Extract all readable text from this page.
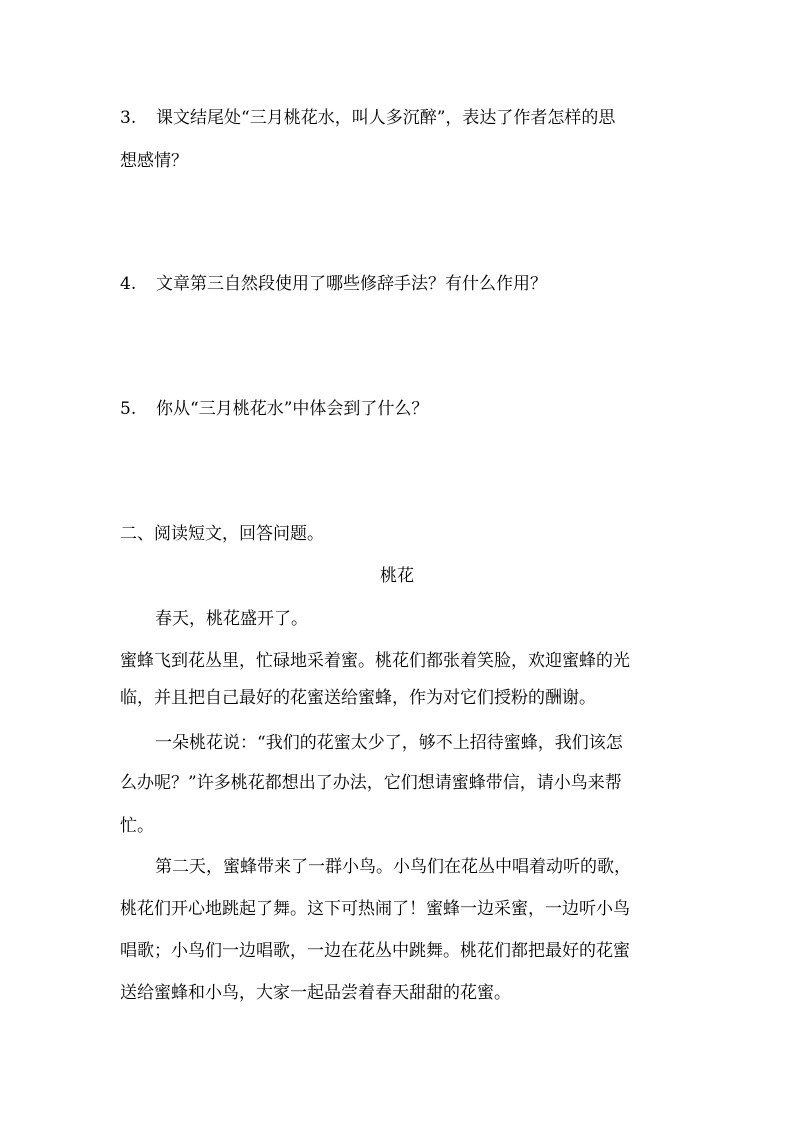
3. 课文结尾处“三月桃花水，叫人多沉醉”，表达了作者怎样的思
想感情？
4. 文章第三自然段使用了哪些修辞手法？有什么作用？
5. 你从“三月桃花水”中体会到了什么？
二、阅读短文，回答问题。
桃花
春天，桃花盛开了。
蜜蜂飞到花丛里，忙碌地采着蜜。桃花们都张着笑脸，欢迎蜜蜂的光
临，并且把自己最好的花蜜送给蜜蜂，作为对它们授粉的酬谢。
一朵桃花说：“我们的花蜜太少了，够不上招待蜜蜂，我们该怎
么办呢？”许多桃花都想出了办法，它们想请蜜蜂带信，请小鸟来帮
忙。
第二天，蜜蜂带来了一群小鸟。小鸟们在花丛中唱着动听的歌，
桃花们开心地跳起了舞。这下可热闹了！蜜蜂一边采蜜，一边听小鸟
唱歌；小鸟们一边唱歌，一边在花丛中跳舞。桃花们都把最好的花蜜
送给蜜蜂和小鸟，大家一起品尝着春天甜甜的花蜜。
